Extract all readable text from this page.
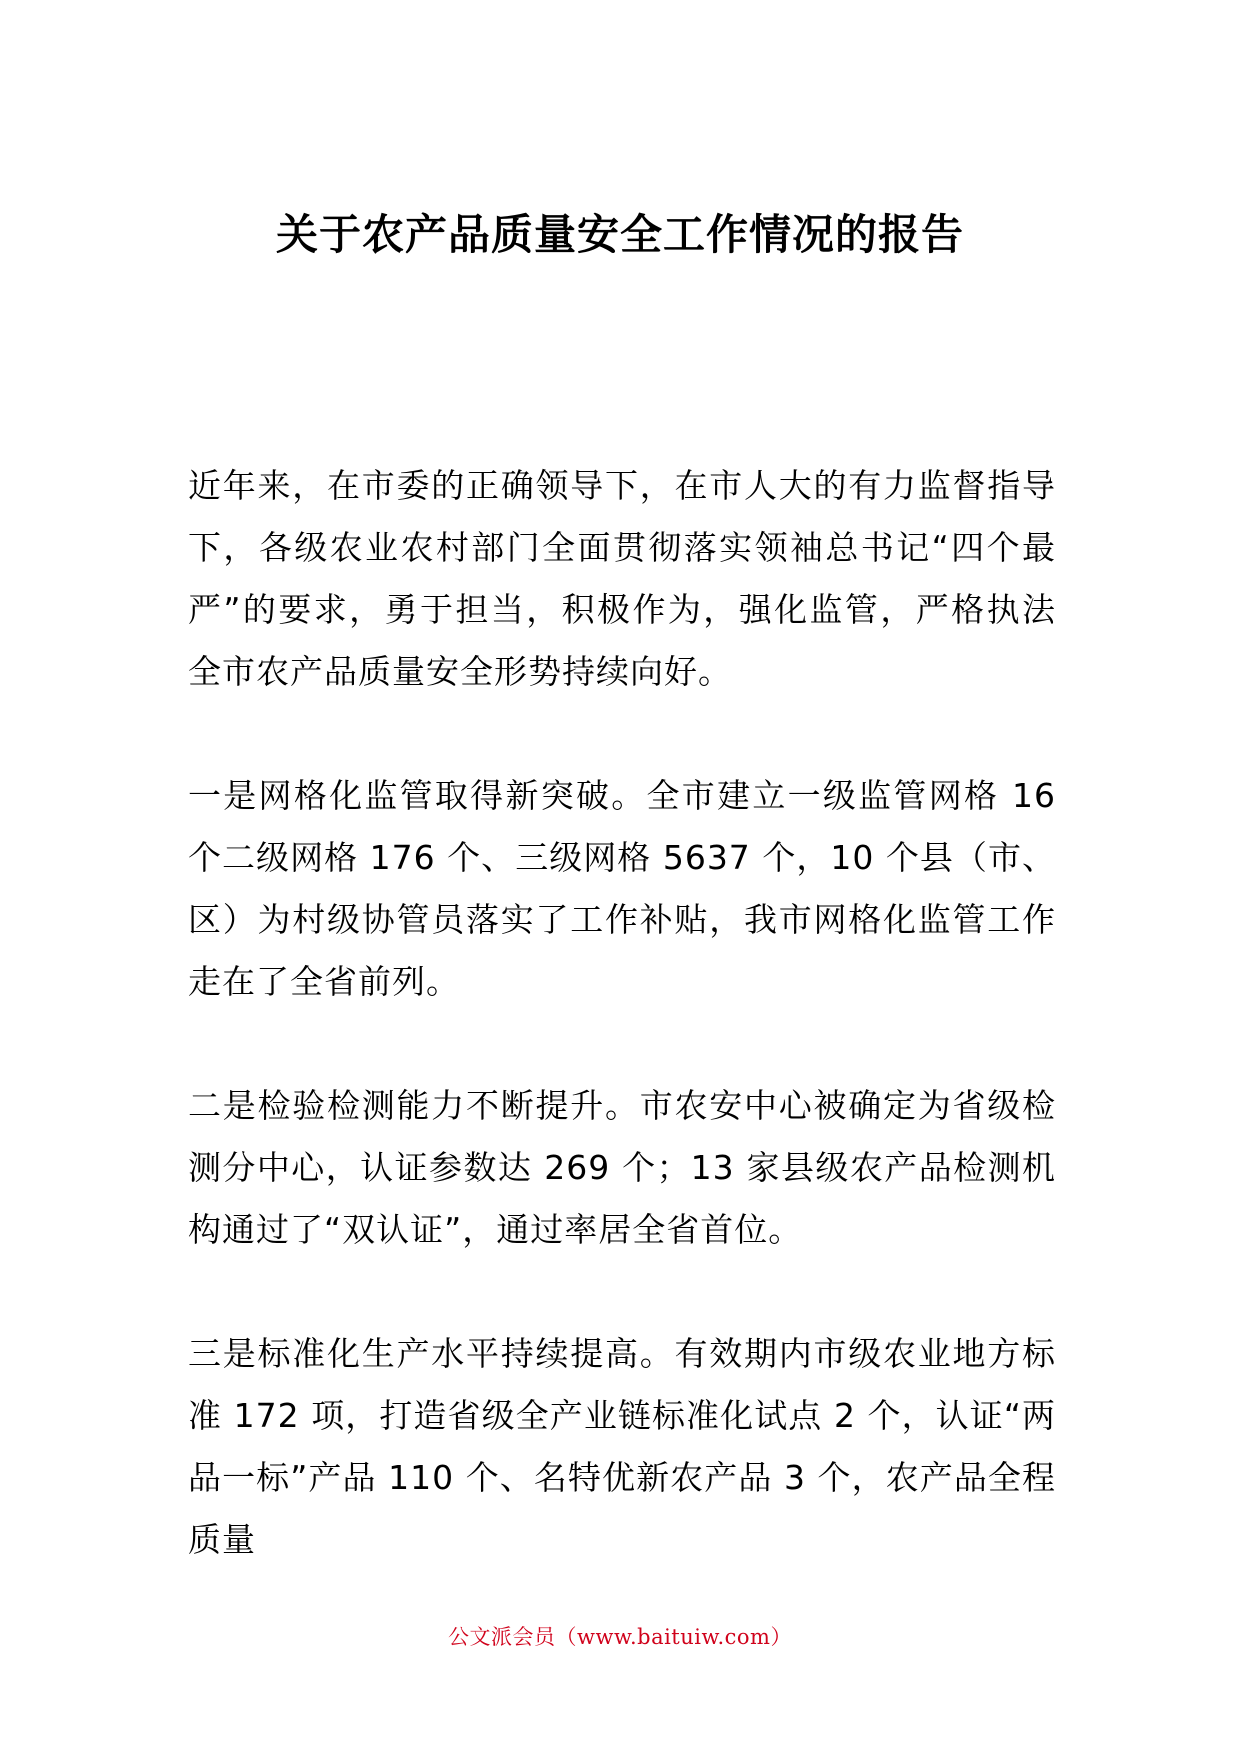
关于农产品质量安全工作情况的报告

近年来，在市委的正确领导下，在市人大的有力监督指导下，各级农业农村部门全面贯彻落实领袖总书记“四个最严”的要求，勇于担当，积极作为，强化监管，严格执法全市农产品质量安全形势持续向好。

一是网格化监管取得新突破。全市建立一级监管网格 16 个二级网格 176 个、三级网格 5637 个，10 个县（市、区）为村级协管员落实了工作补贴，我市网格化监管工作走在了全省前列。

二是检验检测能力不断提升。市农安中心被确定为省级检测分中心，认证参数达 269 个；13 家县级农产品检测机构通过了“双认证”，通过率居全省首位。

三是标准化生产水平持续提高。有效期内市级农业地方标准 172 项，打造省级全产业链标准化试点 2 个，认证“两品一标”产品 110 个、名特优新农产品 3 个，农产品全程质量

公文派会员（www.baituiw.com）
